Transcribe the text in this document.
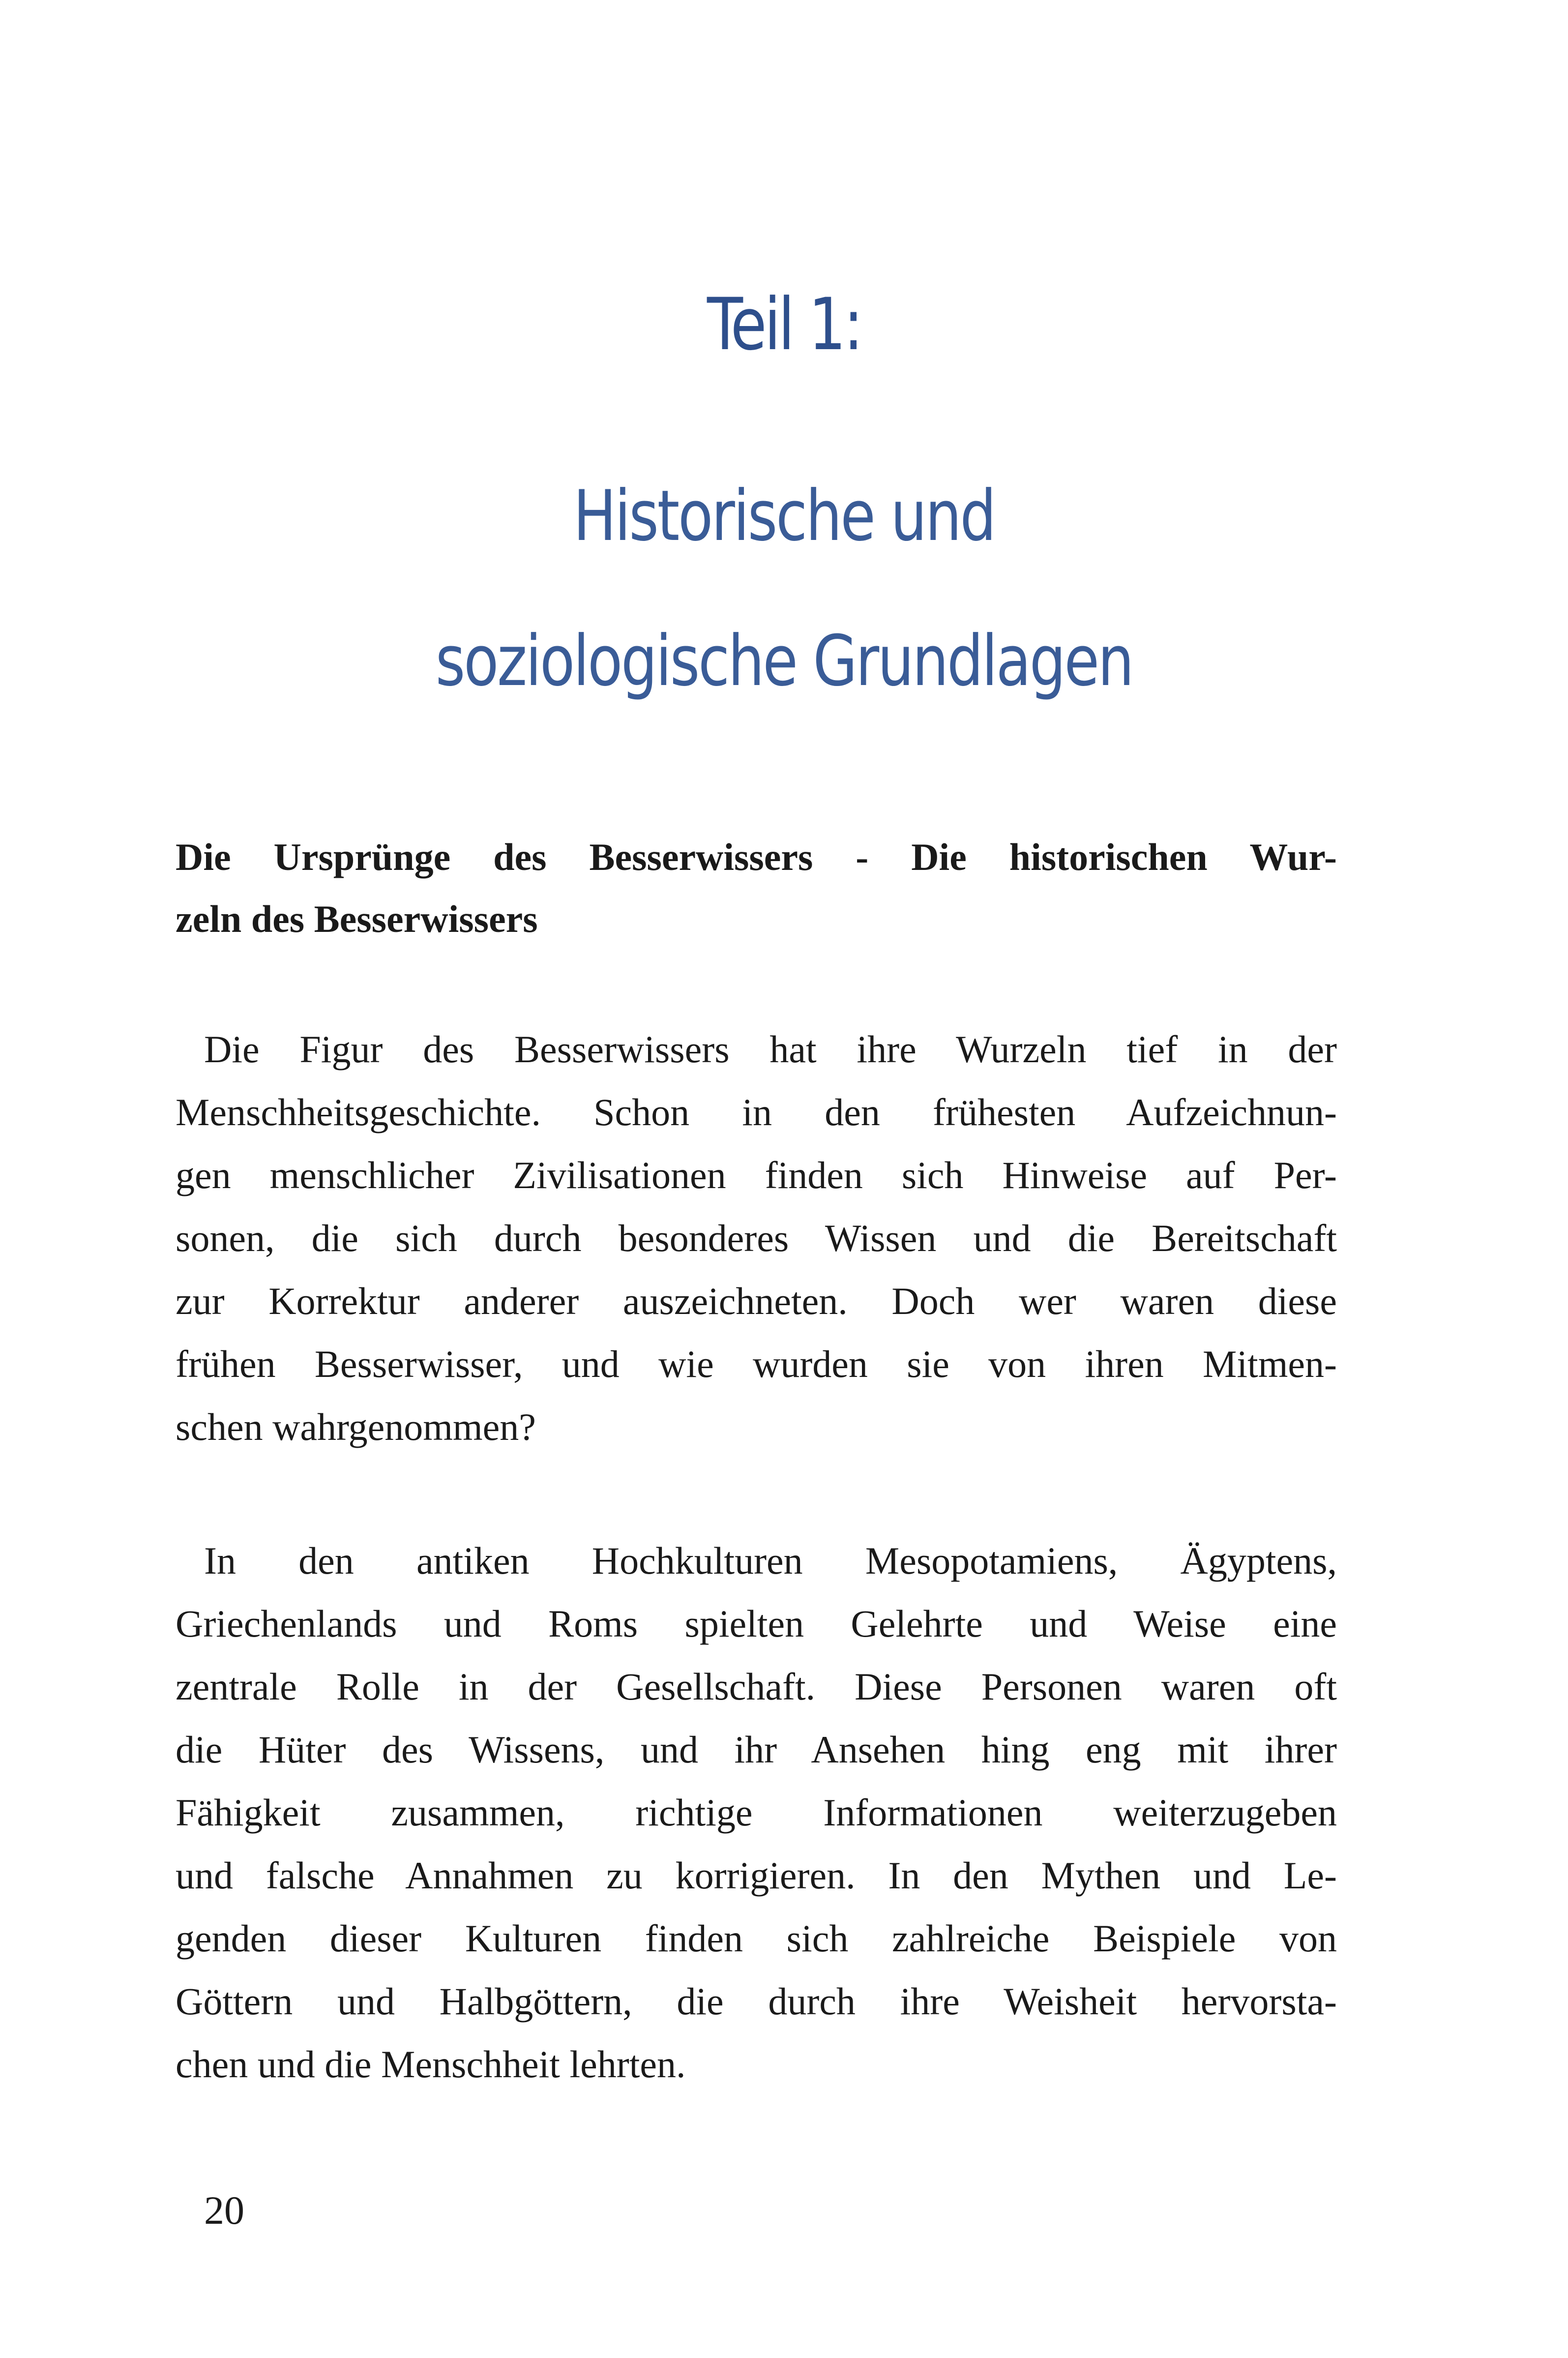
Teil 1:
Historische und
soziologische Grundlagen
Die Ursprünge des Besserwissers - Die historischen Wur-
zeln des Besserwissers
Die Figur des Besserwissers hat ihre Wurzeln tief in der
Menschheitsgeschichte. Schon in den frühesten Aufzeichnun-
gen menschlicher Zivilisationen finden sich Hinweise auf Per-
sonen, die sich durch besonderes Wissen und die Bereitschaft
zur Korrektur anderer auszeichneten. Doch wer waren diese
frühen Besserwisser, und wie wurden sie von ihren Mitmen-
schen wahrgenommen?
In den antiken Hochkulturen Mesopotamiens, Ägyptens,
Griechenlands und Roms spielten Gelehrte und Weise eine
zentrale Rolle in der Gesellschaft. Diese Personen waren oft
die Hüter des Wissens, und ihr Ansehen hing eng mit ihrer
Fähigkeit zusammen, richtige Informationen weiterzugeben
und falsche Annahmen zu korrigieren. In den Mythen und Le-
genden dieser Kulturen finden sich zahlreiche Beispiele von
Göttern und Halbgöttern, die durch ihre Weisheit hervorsta-
chen und die Menschheit lehrten.

20
